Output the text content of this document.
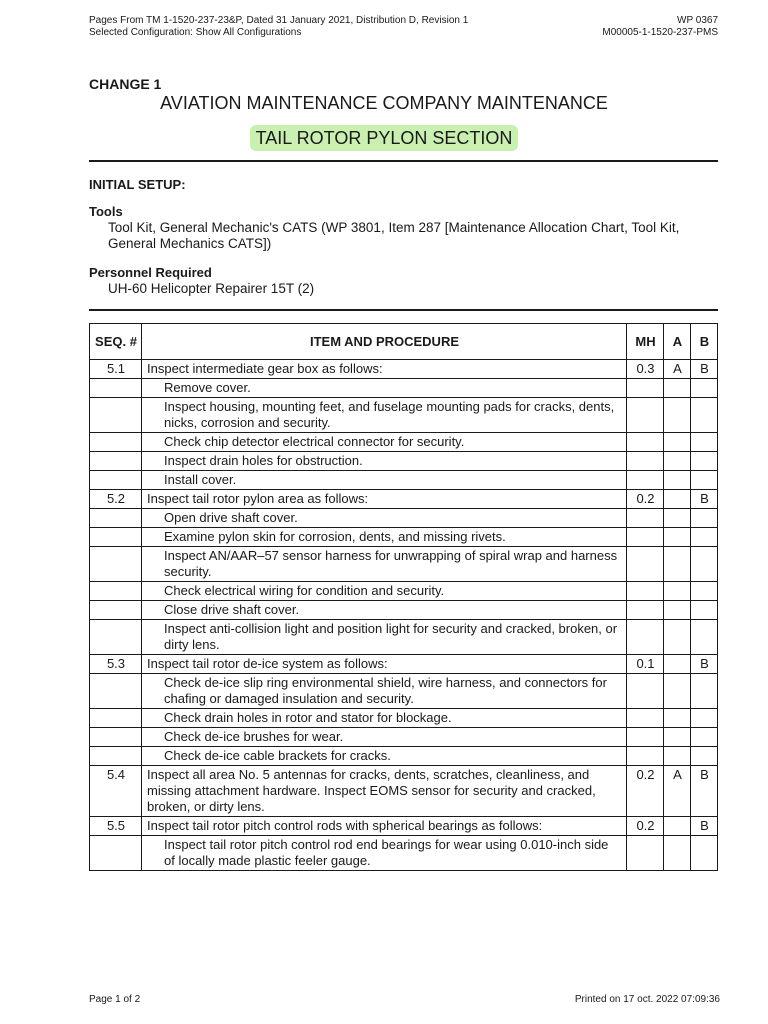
Pages From TM 1-1520-237-23&P, Dated 31 January 2021, Distribution D, Revision 1
Selected Configuration: Show All Configurations
WP 0367
M00005-1-1520-237-PMS
CHANGE 1
AVIATION MAINTENANCE COMPANY MAINTENANCE
TAIL ROTOR PYLON SECTION
INITIAL SETUP:
Tools
Tool Kit, General Mechanic's CATS (WP 3801, Item 287 [Maintenance Allocation Chart, Tool Kit, General Mechanics CATS])
Personnel Required
UH-60 Helicopter Repairer 15T (2)
SEQ. #	ITEM AND PROCEDURE	MH	A	B
5.1	Inspect intermediate gear box as follows:	0.3	A	B
	Remove cover.			
	Inspect housing, mounting feet, and fuselage mounting pads for cracks, dents, nicks, corrosion and security.			
	Check chip detector electrical connector for security.			
	Inspect drain holes for obstruction.			
	Install cover.			
5.2	Inspect tail rotor pylon area as follows:	0.2		B
	Open drive shaft cover.			
	Examine pylon skin for corrosion, dents, and missing rivets.			
	Inspect AN/AAR–57 sensor harness for unwrapping of spiral wrap and harness security.			
	Check electrical wiring for condition and security.			
	Close drive shaft cover.			
	Inspect anti-collision light and position light for security and cracked, broken, or dirty lens.			
5.3	Inspect tail rotor de-ice system as follows:	0.1		B
	Check de-ice slip ring environmental shield, wire harness, and connectors for chafing or damaged insulation and security.			
	Check drain holes in rotor and stator for blockage.			
	Check de-ice brushes for wear.			
	Check de-ice cable brackets for cracks.			
5.4	Inspect all area No. 5 antennas for cracks, dents, scratches, cleanliness, and missing attachment hardware. Inspect EOMS sensor for security and cracked, broken, or dirty lens.	0.2	A	B
5.5	Inspect tail rotor pitch control rods with spherical bearings as follows:	0.2		B
	Inspect tail rotor pitch control rod end bearings for wear using 0.010-inch side of locally made plastic feeler gauge.			
Page 1 of 2	Printed on 17 oct. 2022 07:09:36
